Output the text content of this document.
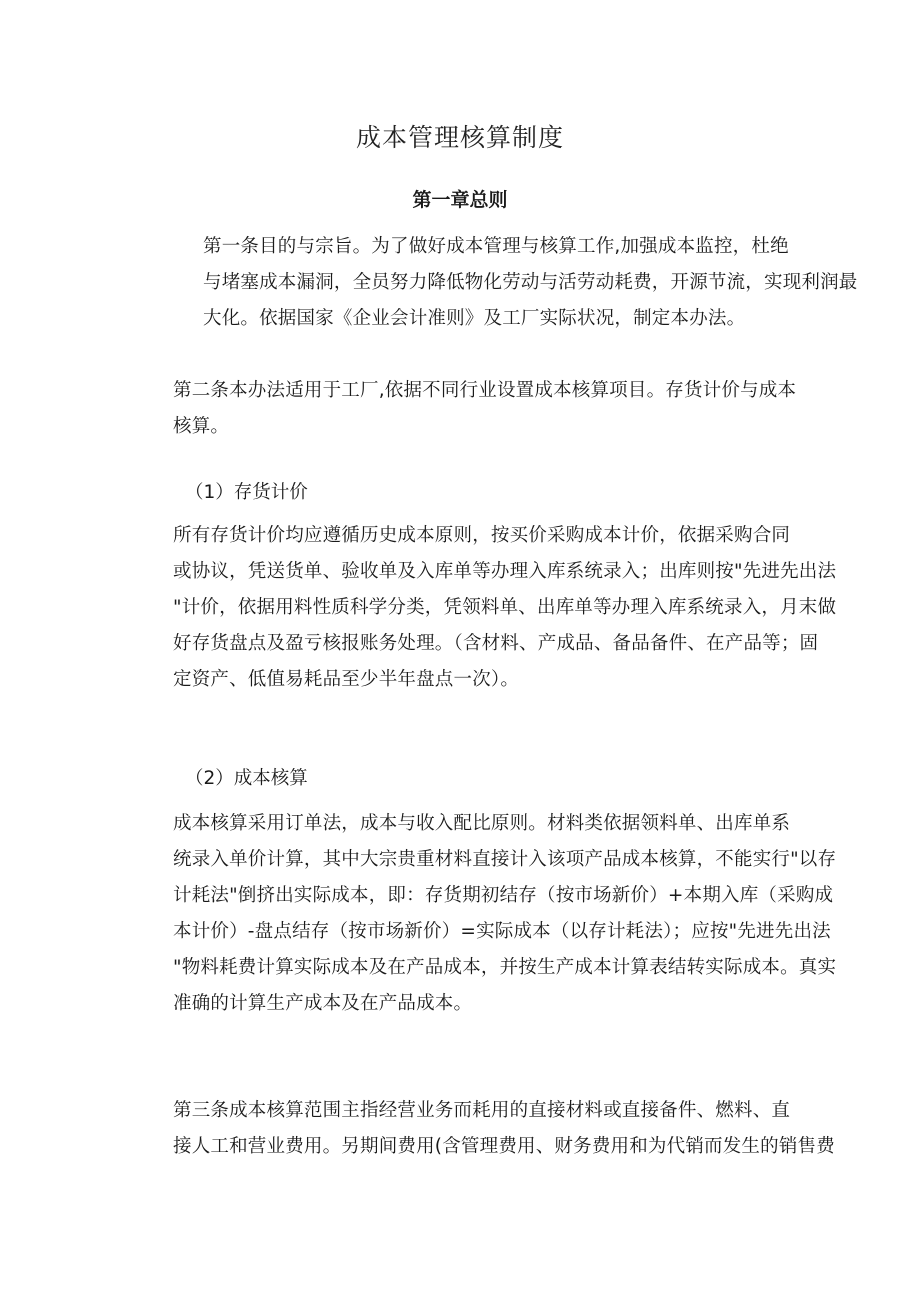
成本管理核算制度
第一章总则

第一条目的与宗旨。为了做好成本管理与核算工作,加强成本监控，杜绝
与堵塞成本漏洞，全员努力降低物化劳动与活劳动耗费，开源节流，实现利润最
大化。依据国家《企业会计准则》及工厂实际状况，制定本办法。

第二条本办法适用于工厂,依据不同行业设置成本核算项目。存货计价与成本
核算。

（1）存货计价

所有存货计价均应遵循历史成本原则，按买价采购成本计价，依据采购合同
或协议，凭送货单、验收单及入库单等办理入库系统录入；出库则按"先进先出法
"计价，依据用料性质科学分类，凭领料单、出库单等办理入库系统录入，月末做
好存货盘点及盈亏核报账务处理。（含材料、产成品、备品备件、在产品等；固
定资产、低值易耗品至少半年盘点一次）。

（2）成本核算

成本核算采用订单法，成本与收入配比原则。材料类依据领料单、出库单系
统录入单价计算，其中大宗贵重材料直接计入该项产品成本核算，不能实行"以存
计耗法"倒挤出实际成本，即：存货期初结存（按市场新价）+本期入库（采购成
本计价）-盘点结存（按市场新价）=实际成本（以存计耗法）；应按"先进先出法
"物料耗费计算实际成本及在产品成本，并按生产成本计算表结转实际成本。真实
准确的计算生产成本及在产品成本。

第三条成本核算范围主指经营业务而耗用的直接材料或直接备件、燃料、直
接人工和营业费用。另期间费用(含管理费用、财务费用和为代销而发生的销售费
